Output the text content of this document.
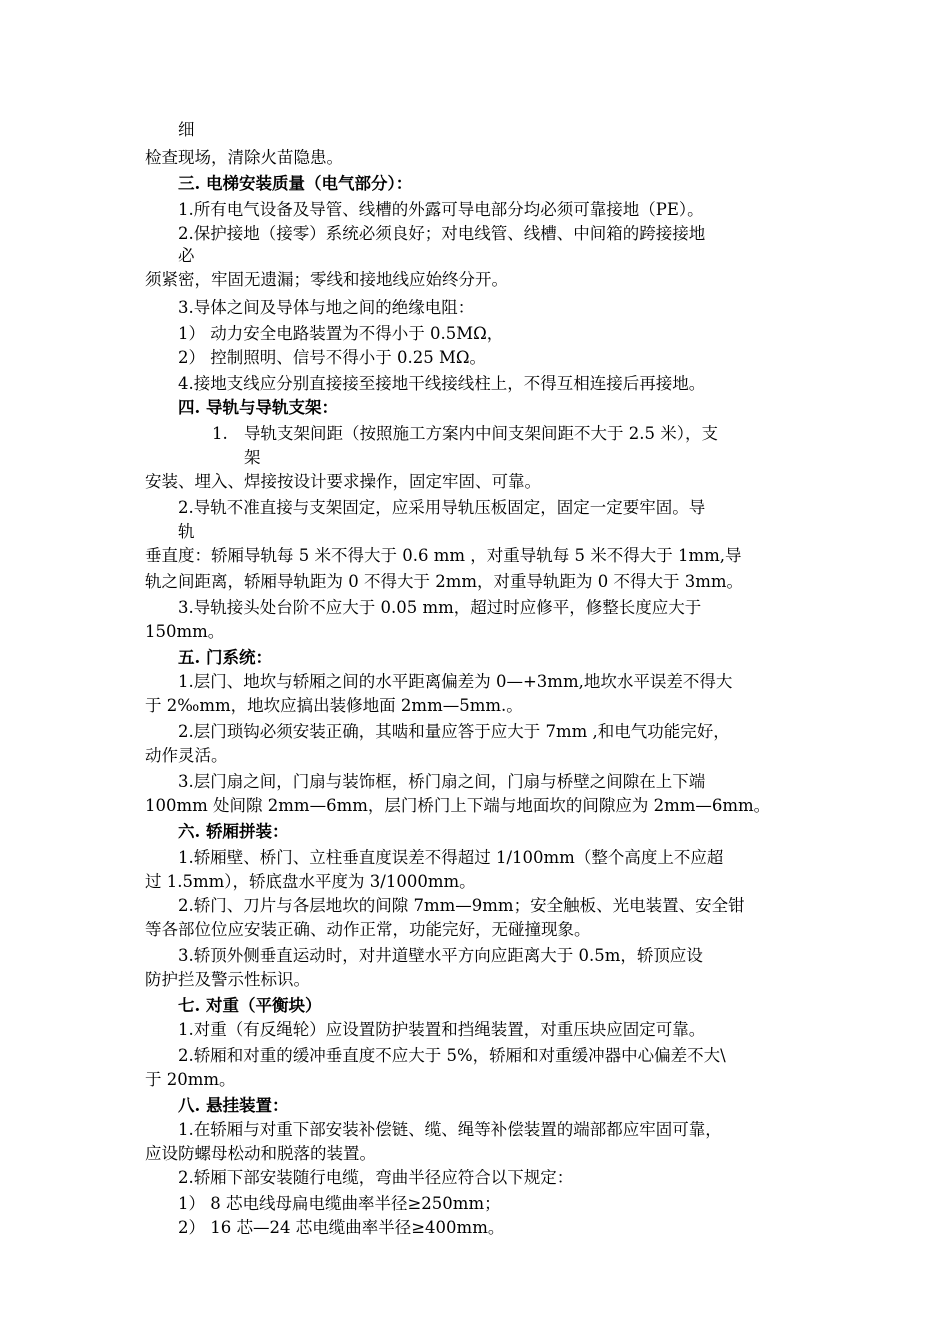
细
检查现场，清除火苗隐患。
三. 电梯安装质量（电气部分）：
1.所有电气设备及导管、线槽的外露可导电部分均必须可靠接地（PE）。
2.保护接地（接零）系统必须良好；对电线管、线槽、中间箱的跨接接地
必
须紧密，牢固无遗漏；零线和接地线应始终分开。
3.导体之间及导体与地之间的绝缘电阻：
1） 动力安全电路装置为不得小于 0.5MΩ，
2） 控制照明、信号不得小于 0.25 MΩ。
4.接地支线应分别直接接至接地干线接线柱上，不得互相连接后再接地。
四. 导轨与导轨支架：
1. 导轨支架间距（按照施工方案内中间支架间距不大于 2.5 米），支
架
安装、埋入、焊接按设计要求操作，固定牢固、可靠。
2.导轨不准直接与支架固定，应采用导轨压板固定，固定一定要牢固。导
轨
垂直度：轿厢导轨每 5 米不得大于 0.6 mm ，对重导轨每 5 米不得大于 1mm,导
轨之间距离，轿厢导轨距为 0 不得大于 2mm，对重导轨距为 0 不得大于 3mm。
3.导轨接头处台阶不应大于 0.05 mm，超过时应修平，修整长度应大于
150mm。
五. 门系统：
1.层门、地坎与轿厢之间的水平距离偏差为 0—+3mm,地坎水平误差不得大
于 2‰mm，地坎应搞出装修地面 2mm—5mm.。
2.层门琐钩必须安装正确，其啮和量应答于应大于 7mm ,和电气功能完好，
动作灵活。
3.层门扇之间，门扇与装饰框，桥门扇之间，门扇与桥壁之间隙在上下端
100mm 处间隙 2mm—6mm，层门桥门上下端与地面坎的间隙应为 2mm—6mm。
六. 轿厢拼装：
1.轿厢壁、桥门、立柱垂直度误差不得超过 1/100mm（整个高度上不应超
过 1.5mm），轿底盘水平度为 3/1000mm。
2.轿门、刀片与各层地坎的间隙 7mm—9mm；安全触板、光电装置、安全钳
等各部位位应安装正确、动作正常，功能完好，无碰撞现象。
3.轿顶外侧垂直运动时，对井道壁水平方向应距离大于 0.5m，轿顶应设
防护拦及警示性标识。
七. 对重（平衡块）
1.对重（有反绳轮）应设置防护装置和挡绳装置，对重压块应固定可靠。
2.轿厢和对重的缓冲垂直度不应大于 5%，轿厢和对重缓冲器中心偏差不大\
于 20mm。
八. 悬挂装置：
1.在轿厢与对重下部安装补偿链、缆、绳等补偿装置的端部都应牢固可靠，
应设防螺母松动和脱落的装置。
2.轿厢下部安装随行电缆，弯曲半径应符合以下规定：
1） 8 芯电线母扁电缆曲率半径≥250mm；
2） 16 芯—24 芯电缆曲率半径≥400mm。
